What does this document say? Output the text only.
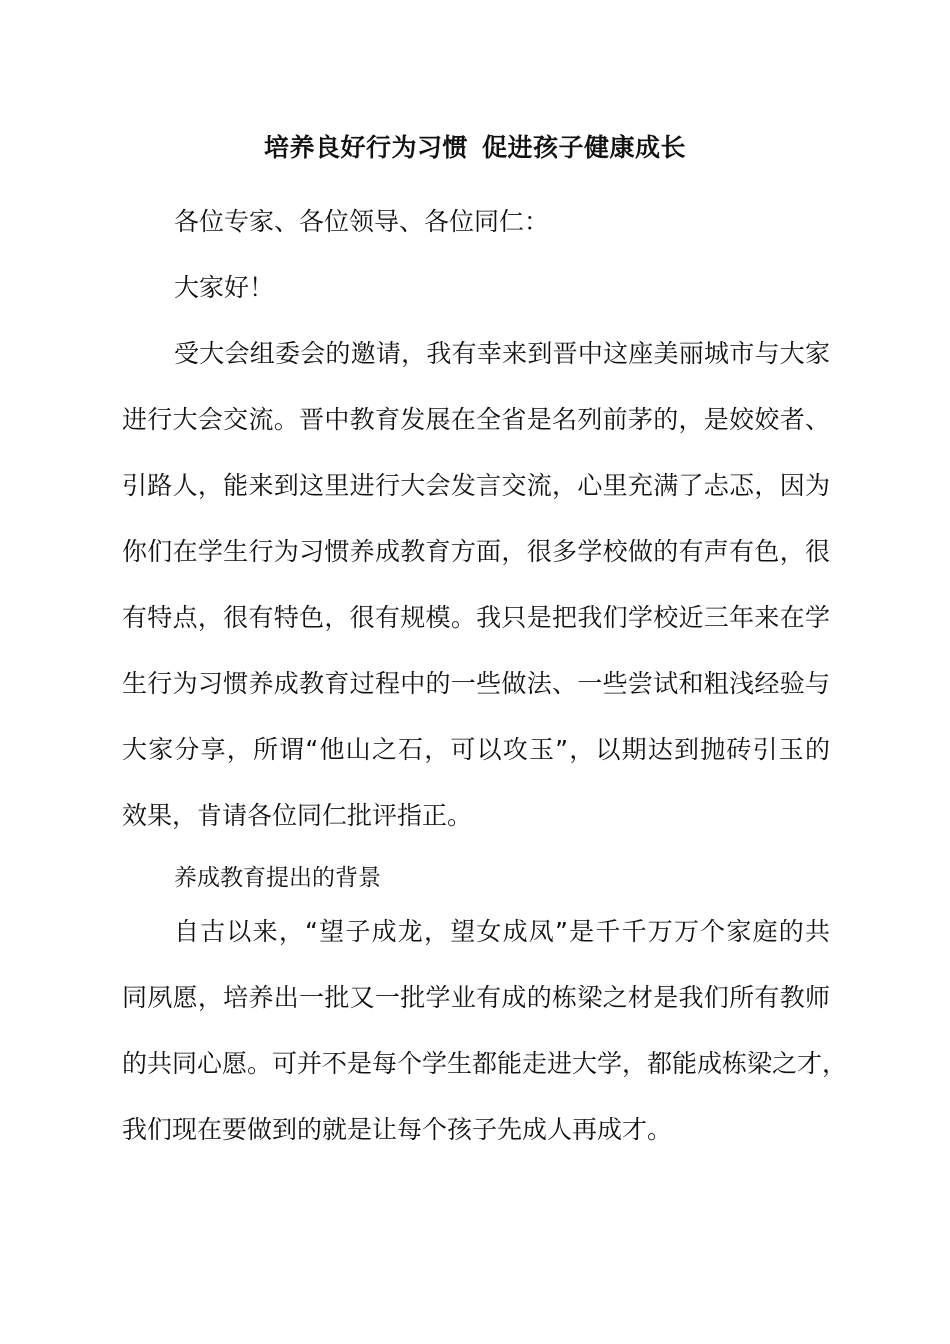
培养良好行为习惯 促进孩子健康成长

各位专家、各位领导、各位同仁：

大家好！

受大会组委会的邀请，我有幸来到晋中这座美丽城市与大家

进行大会交流。晋中教育发展在全省是名列前茅的，是姣姣者、

引路人，能来到这里进行大会发言交流，心里充满了忐忑，因为

你们在学生行为习惯养成教育方面，很多学校做的有声有色，很

有特点，很有特色，很有规模。我只是把我们学校近三年来在学

生行为习惯养成教育过程中的一些做法、一些尝试和粗浅经验与

大家分享，所谓“他山之石，可以攻玉”，以期达到抛砖引玉的

效果，肯请各位同仁批评指正。

养成教育提出的背景

自古以来，“望子成龙，望女成凤”是千千万万个家庭的共

同夙愿，培养出一批又一批学业有成的栋梁之材是我们所有教师

的共同心愿。可并不是每个学生都能走进大学，都能成栋梁之才，

我们现在要做到的就是让每个孩子先成人再成才。
